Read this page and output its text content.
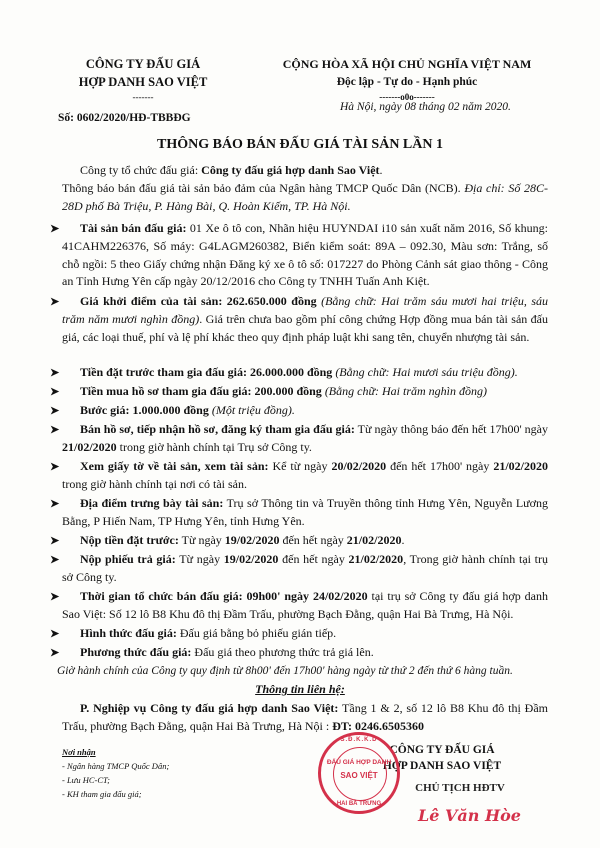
CÔNG TY ĐẤU GIÁ
HỢP DANH SAO VIỆT
-------
Số: 0602/2020/HĐ-TBBĐG
CỘNG HÒA XÃ HỘI CHỦ NGHĨA VIỆT NAM
Độc lập - Tự do - Hạnh phúc
-------o0o-------
Hà Nội, ngày 08 tháng 02 năm 2020.
THÔNG BÁO BÁN ĐẤU GIÁ TÀI SẢN LẦN 1
Công ty tổ chức đấu giá: Công ty đấu giá hợp danh Sao Việt.
Thông báo bán đấu giá tài sản bảo đảm của Ngân hàng TMCP Quốc Dân (NCB). Địa chỉ: Số 28C-28D phố Bà Triệu, P. Hàng Bài, Q. Hoàn Kiếm, TP. Hà Nội.
➤	Tài sản bán đấu giá: 01 Xe ô tô con, Nhãn hiệu HUYNDAI i10 sản xuất năm 2016, Số khung: 41CAHM226376, Số máy: G4LAGM260382, Biển kiểm soát: 89A – 092.30, Màu sơn: Trắng, số chỗ ngồi: 5 theo Giấy chứng nhận Đăng ký xe ô tô số: 017227 do Phòng Cảnh sát giao thông - Công an Tỉnh Hưng Yên cấp ngày 20/12/2016 cho Công ty TNHH Tuấn Anh Kiệt.
➤	Giá khởi điểm của tài sản: 262.650.000 đồng (Bằng chữ: Hai trăm sáu mươi hai triệu, sáu trăm năm mươi nghìn đồng). Giá trên chưa bao gồm phí công chứng Hợp đồng mua bán tài sản đấu giá, các loại thuế, phí và lệ phí khác theo quy định pháp luật khi sang tên, chuyển nhượng tài sản.
➤	Tiền đặt trước tham gia đấu giá: 26.000.000 đồng (Bằng chữ: Hai mươi sáu triệu đồng).
➤	Tiền mua hồ sơ tham gia đấu giá: 200.000 đồng (Bằng chữ: Hai trăm nghìn đồng)
➤	Bước giá: 1.000.000 đồng (Một triệu đồng).
➤	Bán hồ sơ, tiếp nhận hồ sơ, đăng ký tham gia đấu giá: Từ ngày thông báo đến hết 17h00' ngày 21/02/2020 trong giờ hành chính tại Trụ sở Công ty.
➤	Xem giấy tờ về tài sản, xem tài sản: Kể từ ngày 20/02/2020 đến hết 17h00' ngày 21/02/2020 trong giờ hành chính tại nơi có tài sản.
➤	Địa điểm trưng bày tài sản: Trụ sở Thông tin và Truyền thông tỉnh Hưng Yên, Nguyễn Lương Bằng, P Hiến Nam, TP Hưng Yên, tỉnh Hưng Yên.
➤	Nộp tiền đặt trước: Từ ngày 19/02/2020 đến hết ngày 21/02/2020.
➤	Nộp phiếu trả giá: Từ ngày 19/02/2020 đến hết ngày 21/02/2020, Trong giờ hành chính tại trụ sở Công ty.
➤	Thời gian tổ chức bán đấu giá: 09h00' ngày 24/02/2020 tại trụ sở Công ty đấu giá hợp danh Sao Việt: Số 12 lô B8 Khu đô thị Đầm Trấu, phường Bạch Đằng, quận Hai Bà Trưng, Hà Nội.
➤	Hình thức đấu giá: Đấu giá bằng bỏ phiếu gián tiếp.
➤	Phương thức đấu giá: Đấu giá theo phương thức trả giá lên.
Giờ hành chính của Công ty quy định từ 8h00' đến 17h00' hàng ngày từ thứ 2 đến thứ 6 hàng tuần.
Thông tin liên hệ:
P. Nghiệp vụ Công ty đấu giá hợp danh Sao Việt: Tầng 1 & 2, số 12 lô B8 Khu đô thị Đầm Trấu, phường Bạch Đằng, quận Hai Bà Trưng, Hà Nội : ĐT: 0246.6505360
Nơi nhận
- Ngân hàng TMCP Quốc Dân;
- Lưu HC-CT;
- KH tham gia đấu giá;
CÔNG TY ĐẤU GIÁ
HỢP DANH SAO VIỆT
S.Đ.K.K.D
ĐẤU GIÁ HỢP DANH
SAO VIỆT
HAI BÀ TRƯNG
CHỦ TỊCH HĐTV
Lê Văn Hòe
